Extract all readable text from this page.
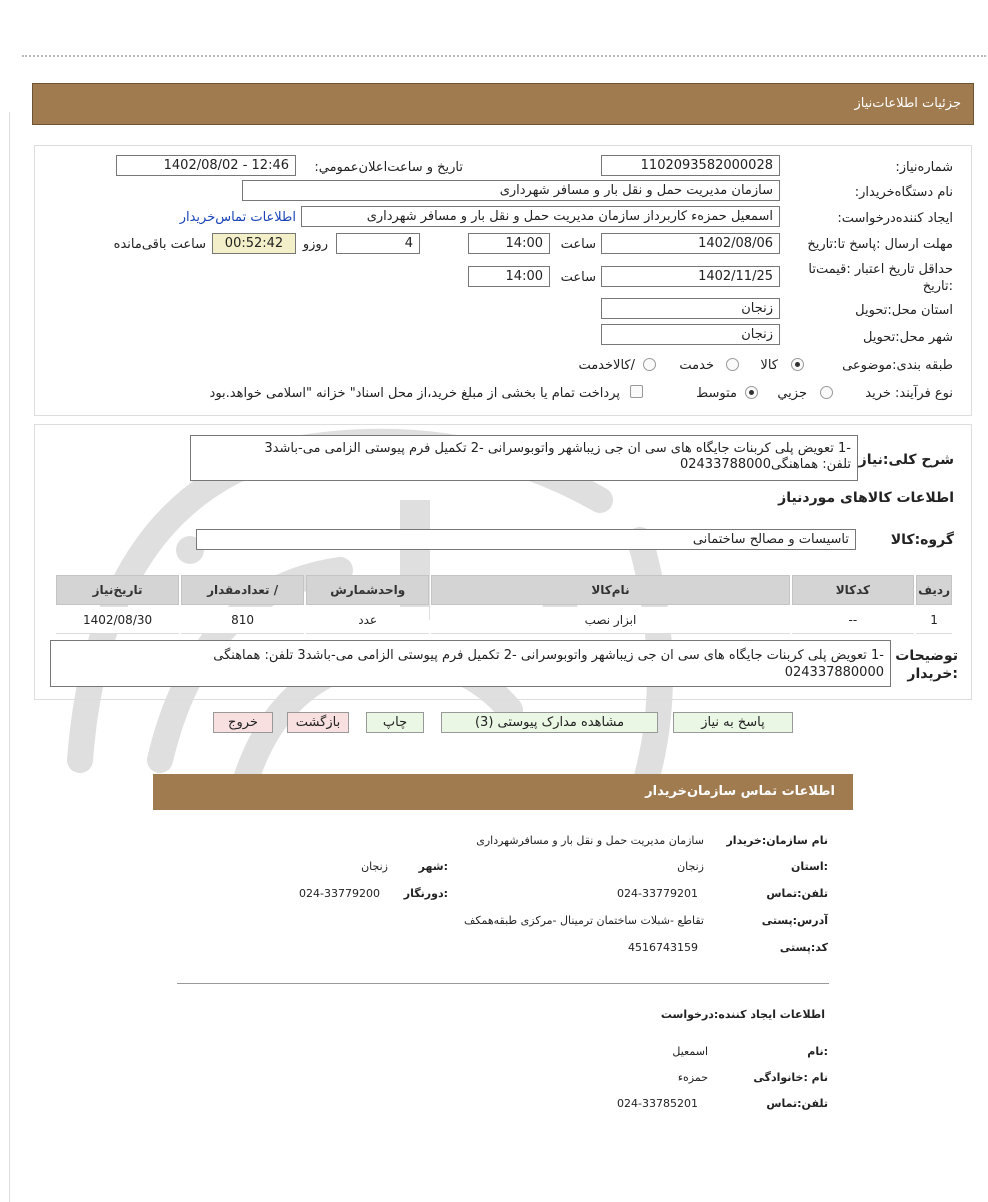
جزئیات اطلاعات‌نیاز
شماره‌نیاز:
1102093582000028
تاريخ و ساعت‌اعلان‌عمومي:
1402/08/02 - 12:46
نام دستگاه‌خریدار:
سازمان مدیریت حمل و نقل بار و مسافر شهرداری
ایجاد کننده‌درخواست:
اسمعیل حمزه‌ء کاربرداز سازمان مدیریت حمل و نقل بار و مسافر شهرداری
اطلاعات تماس‌خریدار
مهلت ارسال :پاسخ تا:تاریخ
1402/08/06
ساعت
14:00
4
روزو
00:52:42
ساعت باقی‌مانده
حداقل تاریخ اعتبار :قیمت‌تا :تاریخ
1402/11/25
ساعت
14:00
استان محل:تحویل
زنجان
شهر محل:تحویل
زنجان
طبقه بندی:موضوعی
کالا
خدمت
/کالاخدمت
نوع فرآیند: خرید
جزیي
متوسط
پرداخت تمام یا بخشی از مبلغ خرید،از محل اسناد" خزانه "اسلامی خواهد.بود
شرح کلی:نیاز
-1 تعویض پلی کربنات جایگاه های سی ان جی زیباشهر واتوبوسرانی -2 تکمیل فرم پیوستی الزامی می-باشد3
تلفن: هماهنگی02433788000
اطلاعات کالاهای مورد‌نیاز
گروه:کالا
تاسیسات و مصالح ساختمانی
ردیف	کدکالا	نام‌کالا	واحدشمارش	/ تعدادمقدار	تاریخ‌نیاز
1	--	ابزار نصب	عدد	810	1402/08/30
توضیحات
:خریدار
-1 تعویض پلی کربنات جایگاه های سی ان جی زیباشهر واتوبوسرانی -2 تکمیل فرم پیوستی الزامی می-باشد3 تلفن: هماهنگی
024337880000
پاسخ به نیاز
مشاهده مدارک پیوستی (3)
چاپ
بازگشت
خروج
اطلاعات تماس سازمان‌خریدار
نام سازمان:خریدار
سازمان مدیریت حمل و نقل بار و مسافرشهرداری
:استان
زنجان
:شهر
زنجان
تلفن:تماس
024-33779201
:دورنگار
024-33779200
آدرس:پستی
تقاطع -شبلات ساختمان ترمینال -مرکزی طبقه‌همکف
کد:پستی
4516743159
اطلاعات ایجاد کننده:درخواست
:نام
اسمعیل
نام :خانوادگی
حمزه‌ء
تلفن:تماس
024-33785201
